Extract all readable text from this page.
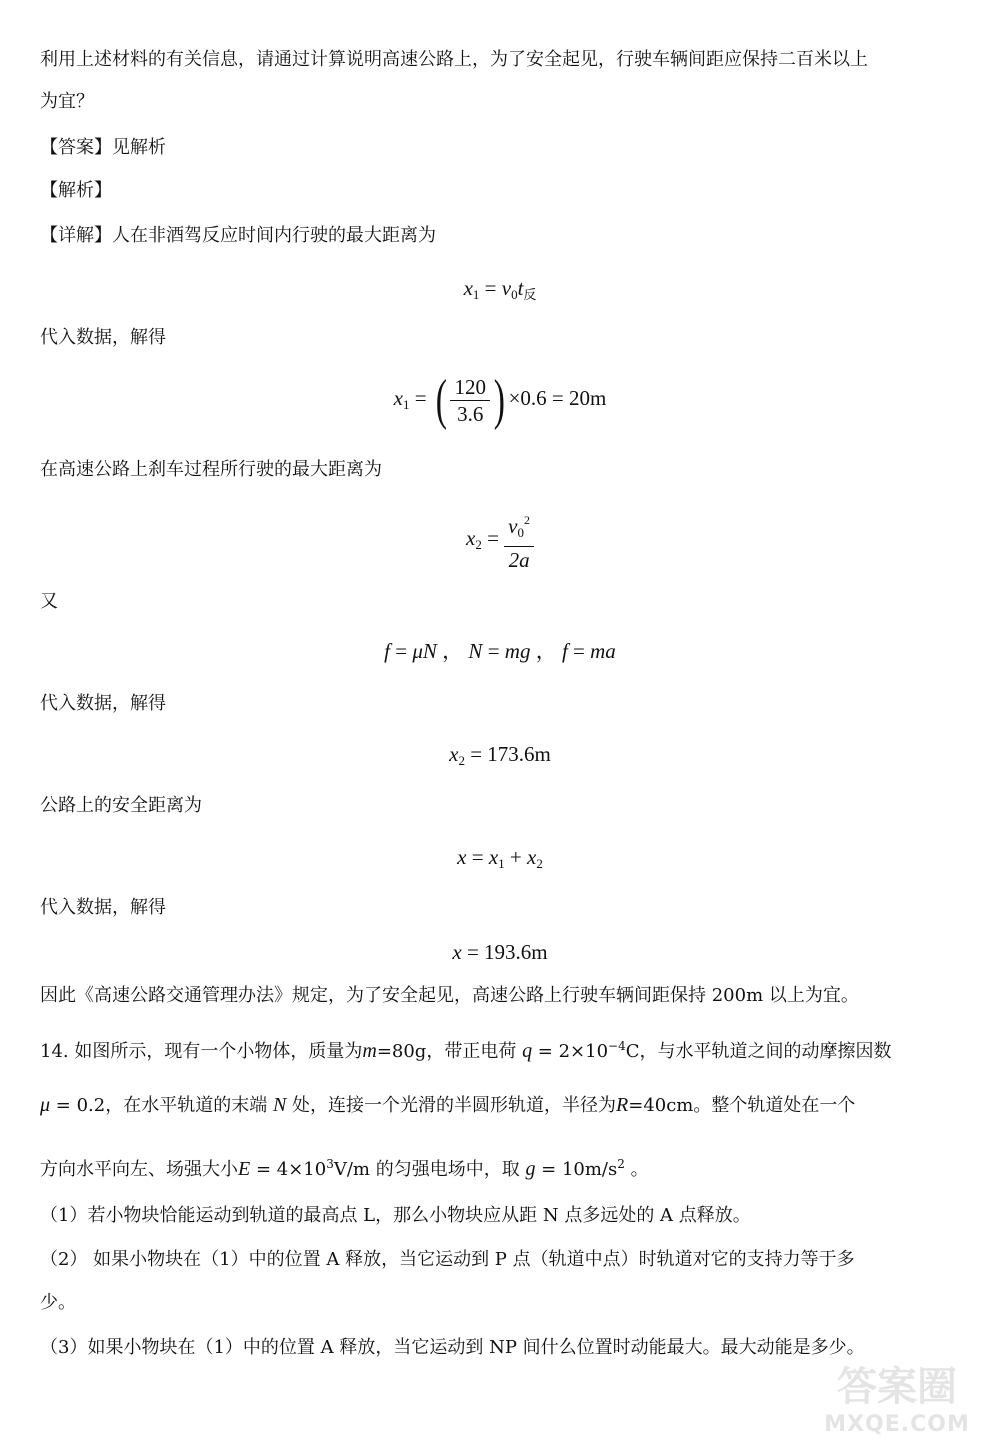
利用上述材料的有关信息，请通过计算说明高速公路上，为了安全起见，行驶车辆间距应保持二百米以上
为宜？
【答案】见解析
【解析】
【详解】人在非酒驾反应时间内行驶的最大距离为
$x_1 = v_0t_反$
代入数据，解得
$x_1$ = ( $\frac{120}{3.6}$ ) ×0.6 = 20m
在高速公路上刹车过程所行驶的最大距离为
$x_2 = \frac{v_0^2}{2a}$
又
f = μN ， N = mg ， f = ma
代入数据，解得
$x_2 = 173.6m$
公路上的安全距离为
$x = x_1 + x_2$
代入数据，解得
x = 193.6m
因此《高速公路交通管理办法》规定，为了安全起见，高速公路上行驶车辆间距保持 200m 以上为宜。
14. 如图所示，现有一个小物体，质量为m=80g，带正电荷 $q = 2\times 10^{-4}C$，与水平轨道之间的动摩擦因数
μ = 0.2，在水平轨道的末端 N 处，连接一个光滑的半圆形轨道，半径为R=40cm。整个轨道处在一个
方向水平向左、场强大小$E = 4\times 10^3V/m$ 的匀强电场中，取 $g = 10m/s^2$ 。
（1）若小物块恰能运动到轨道的最高点 L，那么小物块应从距 N 点多远处的 A 点释放。
（2） 如果小物块在（1）中的位置 A 释放，当它运动到 P 点（轨道中点）时轨道对它的支持力等于多
少。
（3）如果小物块在（1）中的位置 A 释放，当它运动到 NP 间什么位置时动能最大。最大动能是多少。
答案圈
MXQE.COM
